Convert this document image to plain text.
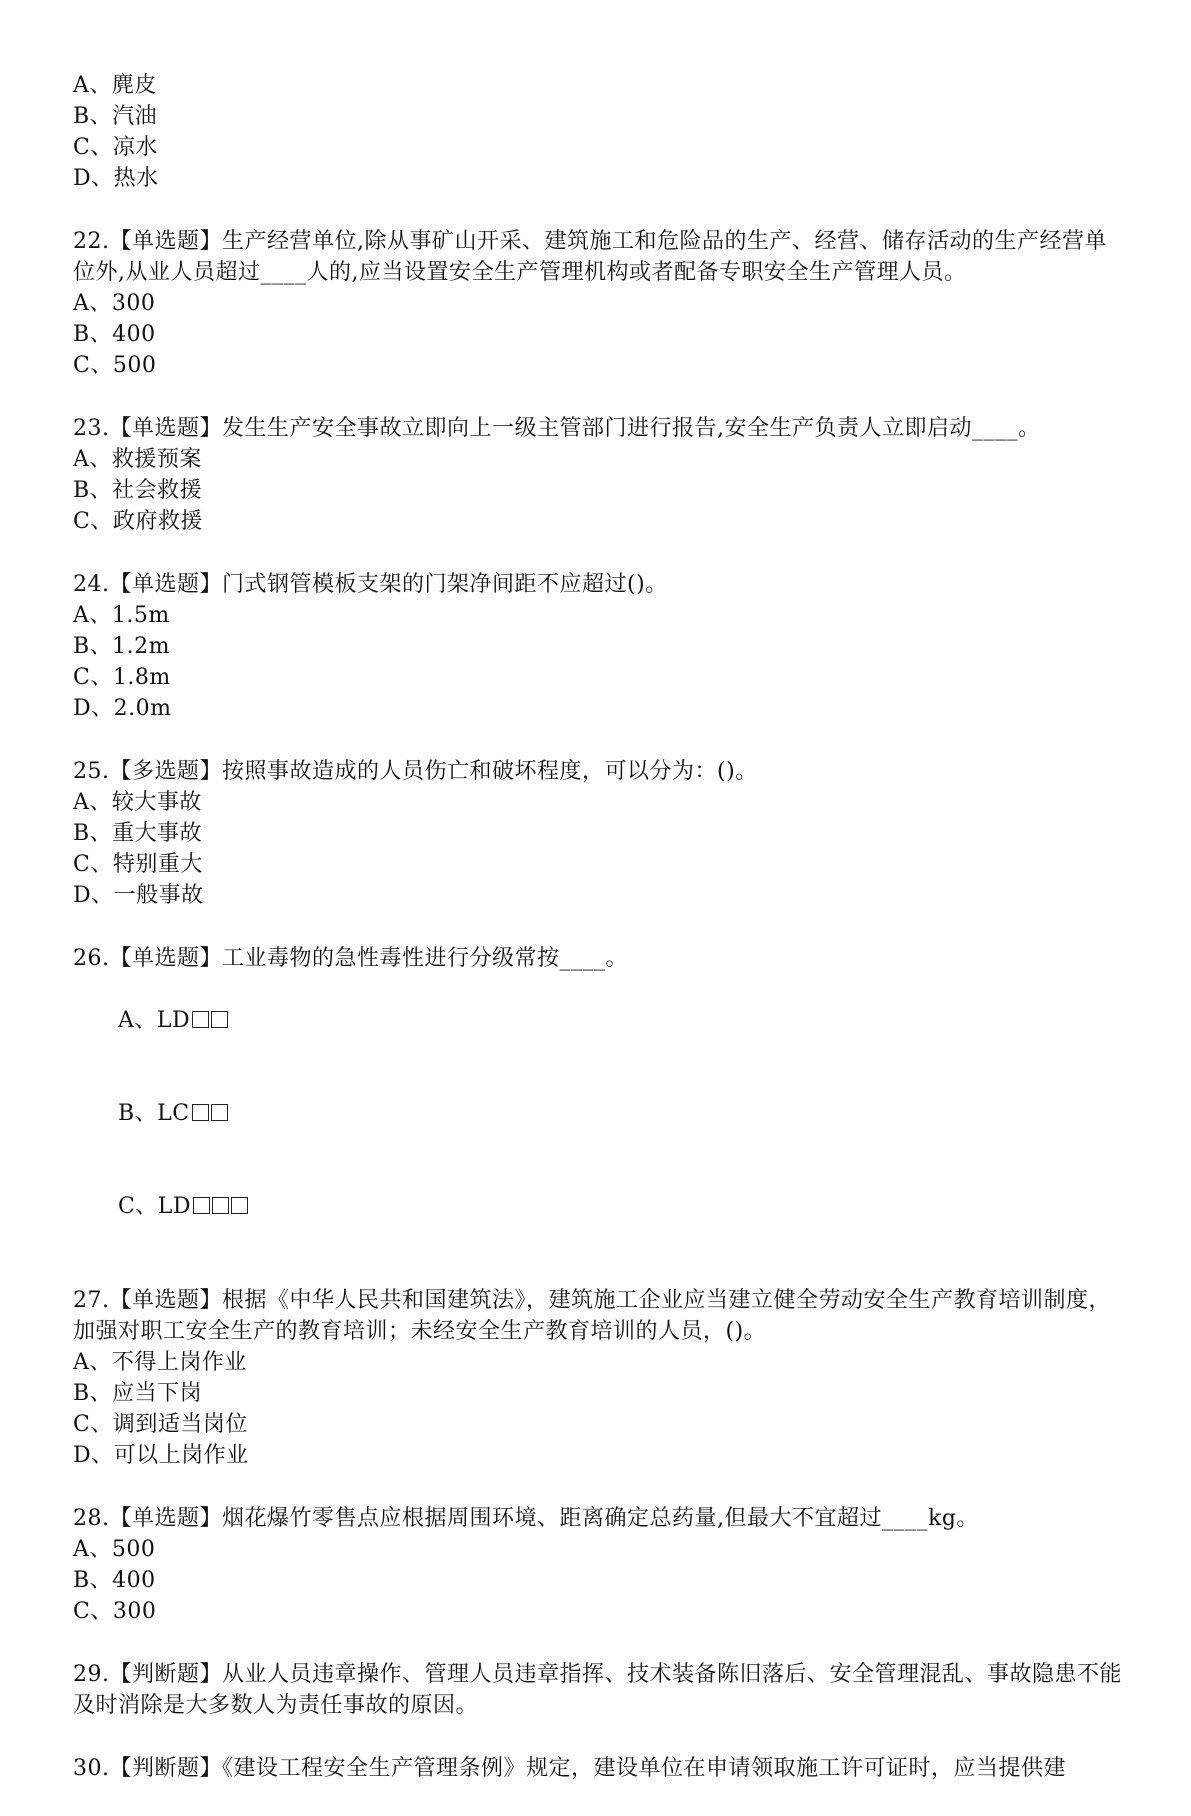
A、麂皮
B、汽油
C、凉水
D、热水
22.【单选题】生产经营单位,除从事矿山开采、建筑施工和危险品的生产、经营、储存活动的生产经营单位外,从业人员超过____人的,应当设置安全生产管理机构或者配备专职安全生产管理人员。
A、300
B、400
C、500
23.【单选题】发生生产安全事故立即向上一级主管部门进行报告,安全生产负责人立即启动____。
A、救援预案
B、社会救援
C、政府救援
24.【单选题】门式钢管模板支架的门架净间距不应超过()。
A、1.5m
B、1.2m
C、1.8m
D、2.0m
25.【多选题】按照事故造成的人员伤亡和破坏程度，可以分为：()。
A、较大事故
B、重大事故
C、特别重大
D、一般事故
26.【单选题】工业毒物的急性毒性进行分级常按____。

A、LD

B、LC

C、LD

27.【单选题】根据《中华人民共和国建筑法》，建筑施工企业应当建立健全劳动安全生产教育培训制度，加强对职工安全生产的教育培训；未经安全生产教育培训的人员，()。
A、不得上岗作业
B、应当下岗
C、调到适当岗位
D、可以上岗作业
28.【单选题】烟花爆竹零售点应根据周围环境、距离确定总药量,但最大不宜超过____kg。
A、500
B、400
C、300
29.【判断题】从业人员违章操作、管理人员违章指挥、技术装备陈旧落后、安全管理混乱、事故隐患不能及时消除是大多数人为责任事故的原因。
30.【判断题】《建设工程安全生产管理条例》规定，建设单位在申请领取施工许可证时，应当提供建
